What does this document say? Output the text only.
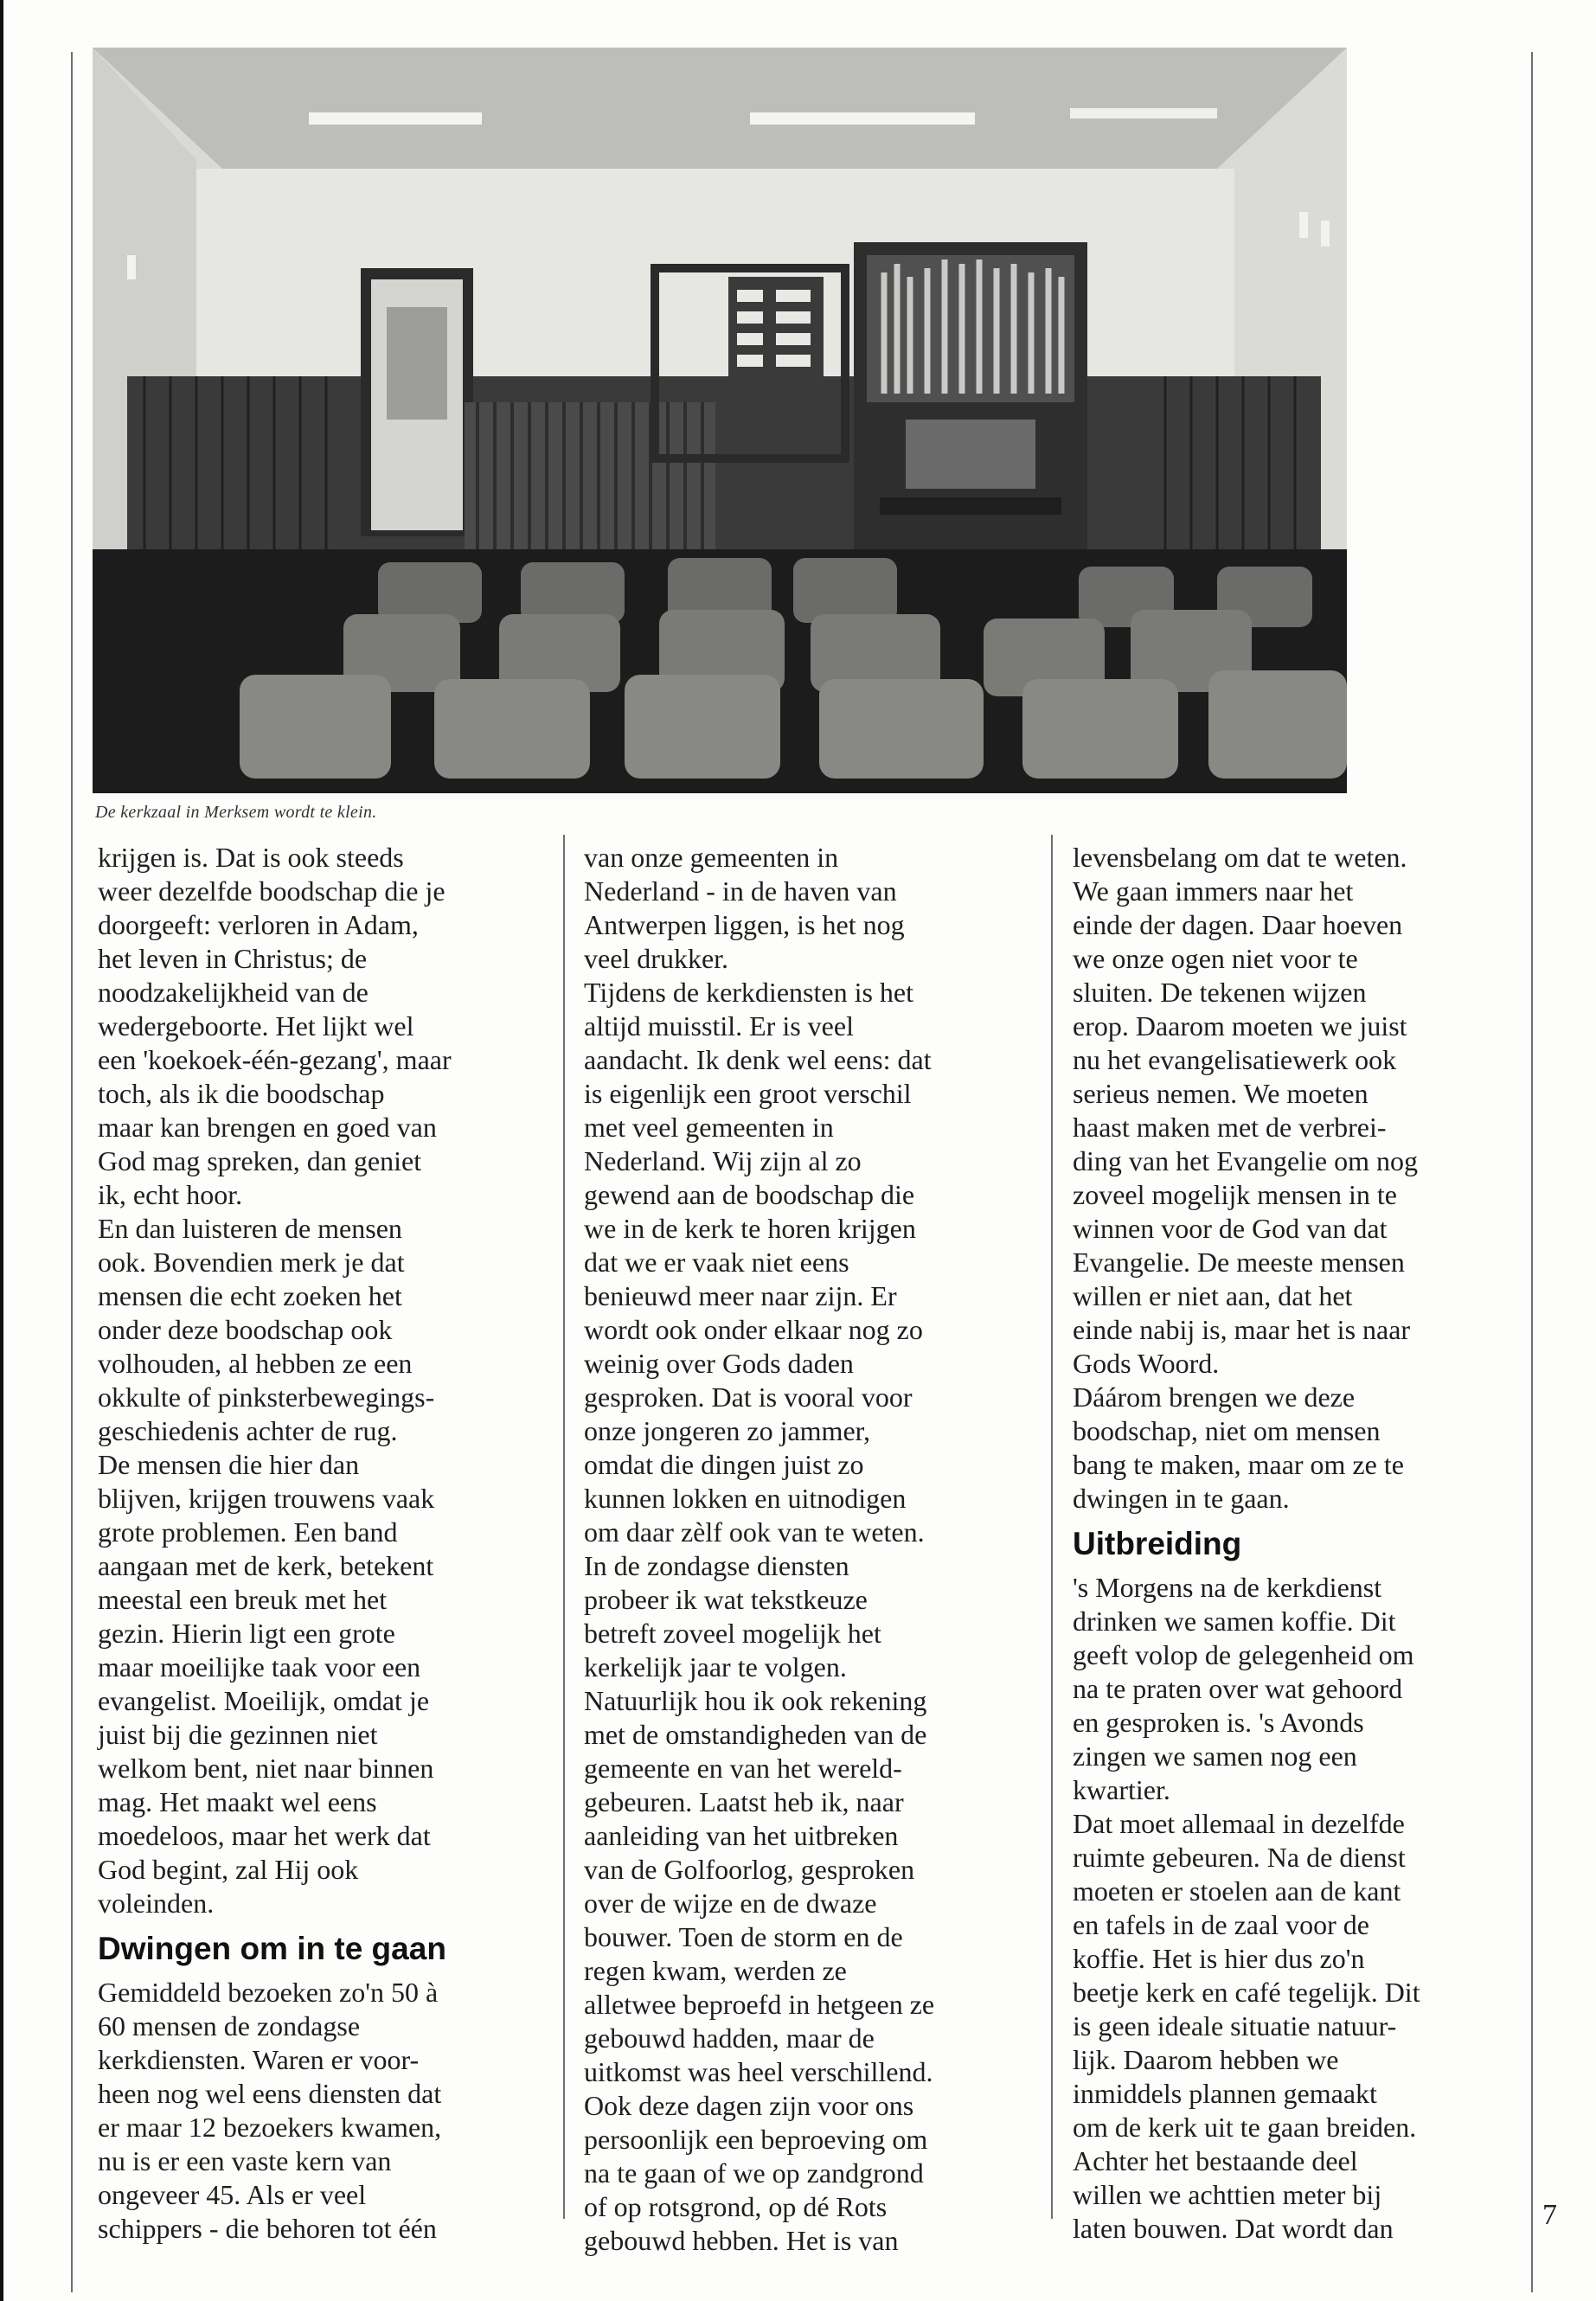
De kerkzaal in Merksem wordt te klein.

krijgen is. Dat is ook steeds
weer dezelfde boodschap die je
doorgeeft: verloren in Adam,
het leven in Christus; de
noodzakelijkheid van de
wedergeboorte. Het lijkt wel
een 'koekoek-één-gezang', maar
toch, als ik die boodschap
maar kan brengen en goed van
God mag spreken, dan geniet
ik, echt hoor.

En dan luisteren de mensen
ook. Bovendien merk je dat
mensen die echt zoeken het
onder deze boodschap ook
volhouden, al hebben ze een
okkulte of pinksterbewegings-
geschiedenis achter de rug.

De mensen die hier dan
blijven, krijgen trouwens vaak
grote problemen. Een band
aangaan met de kerk, betekent
meestal een breuk met het
gezin. Hierin ligt een grote
maar moeilijke taak voor een
evangelist. Moeilijk, omdat je
juist bij die gezinnen niet
welkom bent, niet naar binnen
mag. Het maakt wel eens
moedeloos, maar het werk dat
God begint, zal Hij ook
voleinden.

Dwingen om in te gaan

Gemiddeld bezoeken zo'n 50 à
60 mensen de zondagse
kerkdiensten. Waren er voor-
heen nog wel eens diensten dat
er maar 12 bezoekers kwamen,
nu is er een vaste kern van
ongeveer 45. Als er veel
schippers - die behoren tot één

van onze gemeenten in
Nederland - in de haven van
Antwerpen liggen, is het nog
veel drukker.

Tijdens de kerkdiensten is het
altijd muisstil. Er is veel
aandacht. Ik denk wel eens: dat
is eigenlijk een groot verschil
met veel gemeenten in
Nederland. Wij zijn al zo
gewend aan de boodschap die
we in de kerk te horen krijgen
dat we er vaak niet eens
benieuwd meer naar zijn. Er
wordt ook onder elkaar nog zo
weinig over Gods daden
gesproken. Dat is vooral voor
onze jongeren zo jammer,
omdat die dingen juist zo
kunnen lokken en uitnodigen
om daar zèlf ook van te weten.

In de zondagse diensten
probeer ik wat tekstkeuze
betreft zoveel mogelijk het
kerkelijk jaar te volgen.

Natuurlijk hou ik ook rekening
met de omstandigheden van de
gemeente en van het wereld-
gebeuren. Laatst heb ik, naar
aanleiding van het uitbreken
van de Golfoorlog, gesproken
over de wijze en de dwaze
bouwer. Toen de storm en de
regen kwam, werden ze
alletwee beproefd in hetgeen ze
gebouwd hadden, maar de
uitkomst was heel verschillend.

Ook deze dagen zijn voor ons
persoonlijk een beproeving om
na te gaan of we op zandgrond
of op rotsgrond, op dé Rots
gebouwd hebben. Het is van

levensbelang om dat te weten.
We gaan immers naar het
einde der dagen. Daar hoeven
we onze ogen niet voor te
sluiten. De tekenen wijzen
erop. Daarom moeten we juist
nu het evangelisatiewerk ook
serieus nemen. We moeten
haast maken met de verbrei-
ding van het Evangelie om nog
zoveel mogelijk mensen in te
winnen voor de God van dat
Evangelie. De meeste mensen
willen er niet aan, dat het
einde nabij is, maar het is naar
Gods Woord.

Dáárom brengen we deze
boodschap, niet om mensen
bang te maken, maar om ze te
dwingen in te gaan.

Uitbreiding

's Morgens na de kerkdienst
drinken we samen koffie. Dit
geeft volop de gelegenheid om
na te praten over wat gehoord
en gesproken is. 's Avonds
zingen we samen nog een
kwartier.

Dat moet allemaal in dezelfde
ruimte gebeuren. Na de dienst
moeten er stoelen aan de kant
en tafels in de zaal voor de
koffie. Het is hier dus zo'n
beetje kerk en café tegelijk. Dit
is geen ideale situatie natuur-
lijk. Daarom hebben we
inmiddels plannen gemaakt
om de kerk uit te gaan breiden.
Achter het bestaande deel
willen we achttien meter bij
laten bouwen. Dat wordt dan	7
